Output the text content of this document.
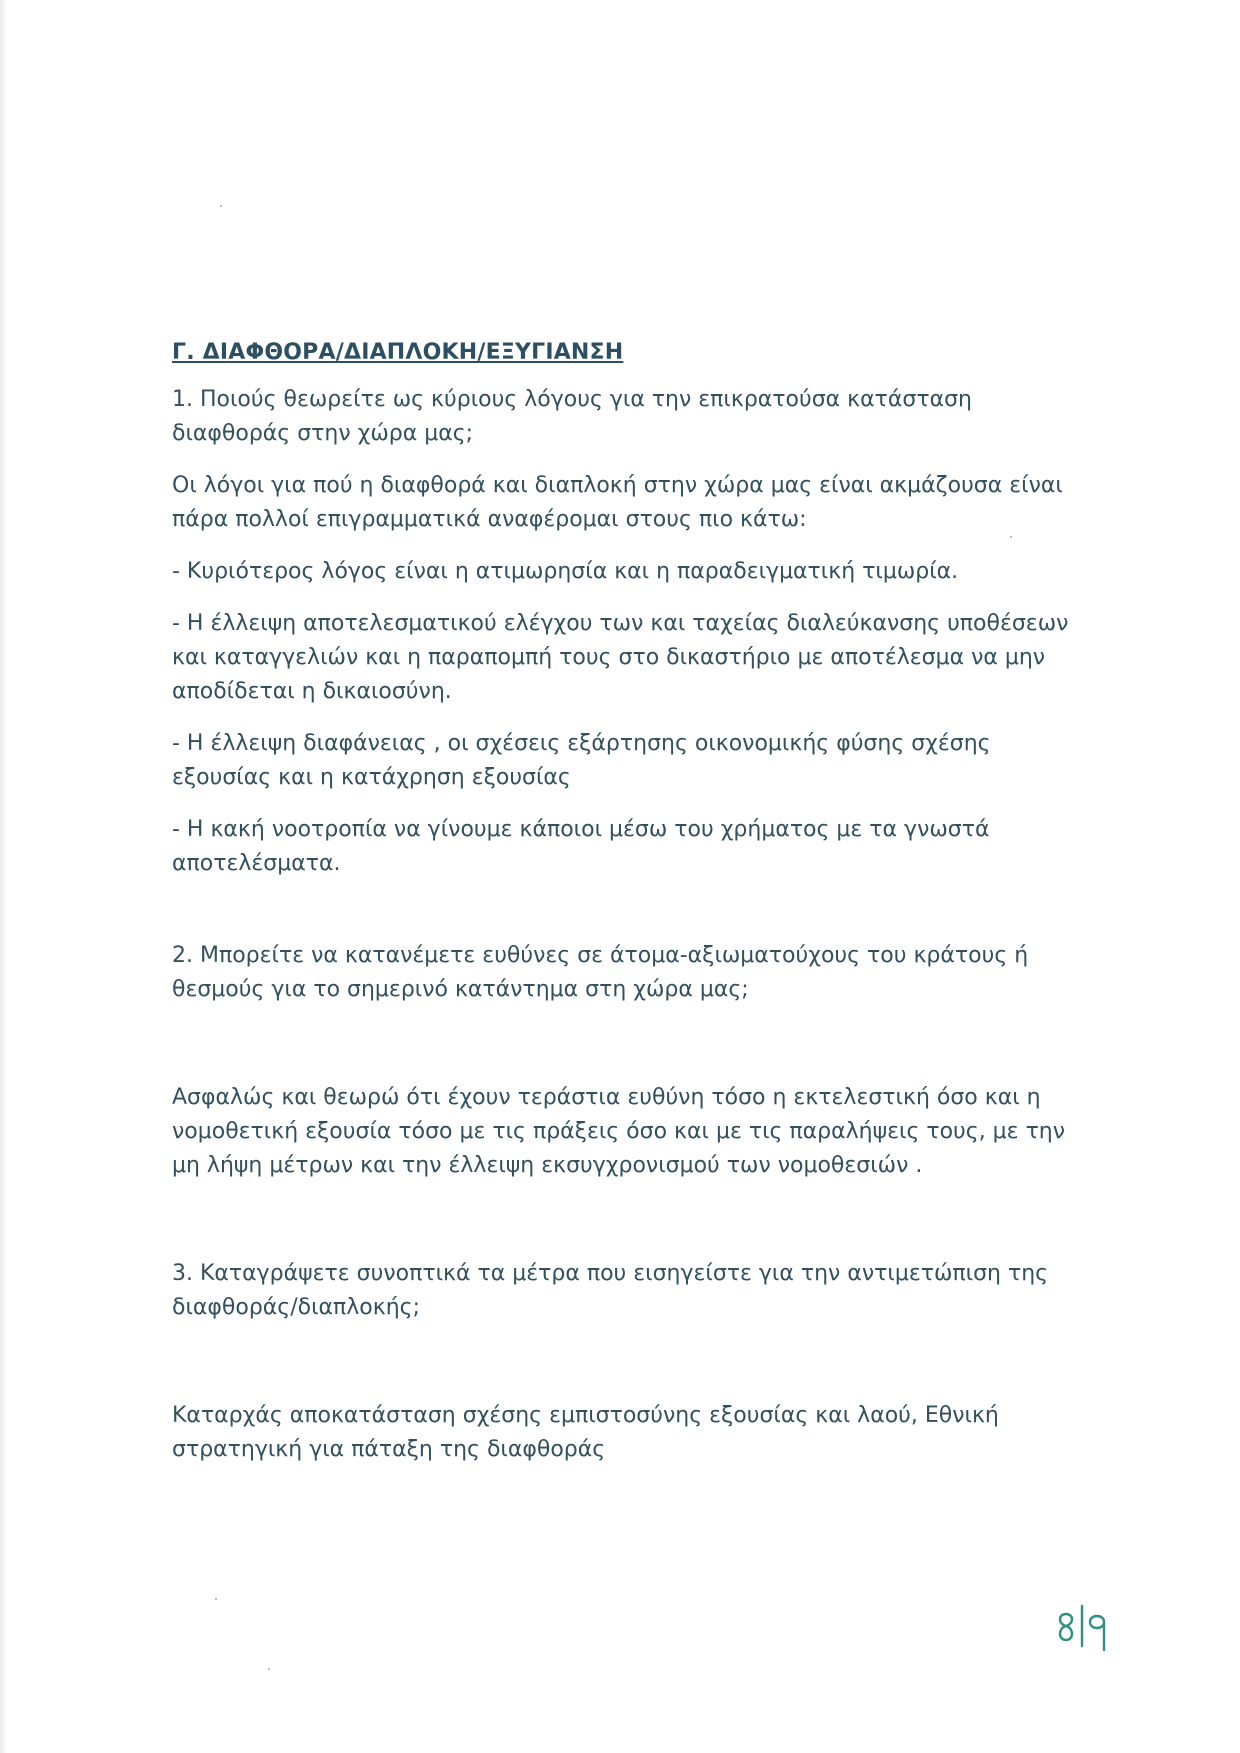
Γ. ΔΙΑΦΘΟΡΑ/ΔΙΑΠΛΟΚΗ/ΕΞΥΓΙΑΝΣΗ

1. Ποιούς θεωρείτε ως κύριους λόγους για την επικρατούσα κατάσταση διαφθοράς στην χώρα μας;

Οι λόγοι για πού η διαφθορά και διαπλοκή στην χώρα μας είναι ακμάζουσα είναι πάρα πολλοί επιγραμματικά αναφέρομαι στους πιο κάτω:

- Κυριότερος λόγος είναι η ατιμωρησία και η παραδειγματική τιμωρία.

- Η έλλειψη αποτελεσματικού ελέγχου των και ταχείας διαλεύκανσης υποθέσεων και καταγγελιών και η παραπομπή τους στο δικαστήριο με αποτέλεσμα να μην αποδίδεται η δικαιοσύνη.

- Η έλλειψη διαφάνειας , οι σχέσεις εξάρτησης οικονομικής φύσης σχέσης εξουσίας και η κατάχρηση εξουσίας

- Η κακή νοοτροπία να γίνουμε κάποιοι μέσω του χρήματος με τα γνωστά αποτελέσματα.

2. Μπορείτε να κατανέμετε ευθύνες σε άτομα-αξιωματούχους του κράτους ή θεσμούς για το σημερινό κατάντημα στη χώρα μας;

Ασφαλώς και θεωρώ ότι έχουν τεράστια ευθύνη τόσο η εκτελεστική όσο και η νομοθετική εξουσία τόσο με τις πράξεις όσο και με τις παραλήψεις τους, με την μη λήψη μέτρων και την έλλειψη εκσυγχρονισμού των νομοθεσιών .

3. Καταγράψετε συνοπτικά τα μέτρα που εισηγείστε για την αντιμετώπιση της διαφθοράς/διαπλοκής;

Καταρχάς αποκατάσταση σχέσης εμπιστοσύνης εξουσίας και λαού, Εθνική στρατηγική για πάταξη της διαφθοράς
